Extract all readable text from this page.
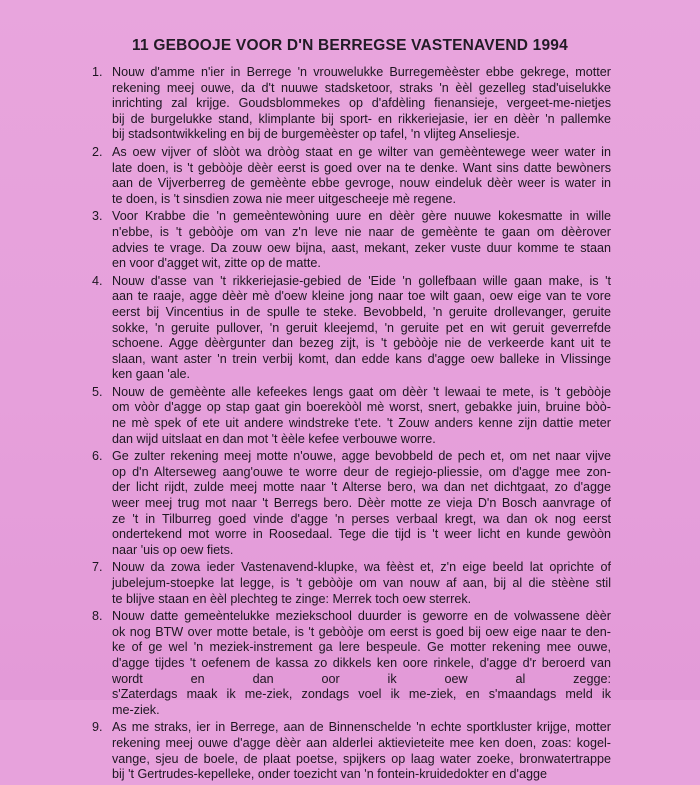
11 GEBOOJE VOOR D'N BERREGSE VASTENAVEND 1994
1. Nouw d'amme n'ier in Berrege 'n vrouwelukke Burregemèèster ebbe gekrege, motter
rekening meej ouwe, da d't nuuwe stadsketoor, straks 'n èèl gezelleg stad'uiselukke
inrichting zal krijge. Goudsblommekes op d'afdèling fienansieje, vergeet-me-nietjes
bij de burgelukke stand, klimplante bij sport- en rikkeriejasie, ier en dèèr 'n pallemke
bij stadsontwikkeling en bij de burgemèèster op tafel, 'n vlijteg Anseliesje.
2. As oew vijver of slòòt wa dròòg staat en ge wilter van gemèèntewege weer water in
late doen, is 't gebòòje dèèr eerst is goed over na te denke. Want sins datte bewòners
aan de Vijverberreg de gemèènte ebbe gevroge, nouw eindeluk dèèr weer is water in
te doen, is 't sinsdien zowa nie meer uitgescheeje mè regene.
3. Voor Krabbe die 'n gemeèntewòning uure en dèèr gère nuuwe kokesmatte in wille
n'ebbe, is 't gebòòje om van z'n leve nie naar de gemèènte te gaan om dèèrover
advies te vrage. Da zouw oew bijna, aast, mekant, zeker vuste duur komme te staan
en voor d'agget wit, zitte op de matte.
4. Nouw d'asse van 't rikkeriejasie-gebied de 'Eide 'n gollefbaan wille gaan make, is 't
aan te raaje, agge dèèr mè d'oew kleine jong naar toe wilt gaan, oew eige van te vore
eerst bij Vincentius in de spulle te steke. Bevobbeld, 'n geruite drollevanger, geruite
sokke, 'n geruite pullover, 'n geruit kleejemd, 'n geruite pet en wit geruit geverrefde
schoene. Agge dèèrgunter dan bezeg zijt, is 't gebòòje nie de verkeerde kant uit te
slaan, want aster 'n trein verbij komt, dan edde kans d'agge oew balleke in Vlissinge
ken gaan 'ale.
5. Nouw de gemèènte alle kefeekes lengs gaat om dèèr 't lewaai te mete, is 't gebòòje
om vòòr d'agge op stap gaat gin boerekòòl mè worst, snert, gebakke juin, bruine bòò-
ne mè spek of ete uit andere windstreke t'ete. 't Zouw anders kenne zijn dattie meter
dan wijd uitslaat en dan mot 't èèle kefee verbouwe worre.
6. Ge zulter rekening meej motte n'ouwe, agge bevobbeld de pech et, om net naar vijve
op d'n Alterseweg aang'ouwe te worre deur de regiejo-pliessie, om d'agge mee zon-
der licht rijdt, zulde meej motte naar 't Alterse bero, wa dan net dichtgaat, zo d'agge
weer meej trug mot naar 't Berregs bero. Dèèr motte ze vieja D'n Bosch aanvrage of
ze 't in Tilburreg goed vinde d'agge 'n perses verbaal kregt, wa dan ok nog eerst
ondertekend mot worre in Roosedaal. Tege die tijd is 't weer licht en kunde gewòòn
naar 'uis op oew fiets.
7. Nouw da zowa ieder Vastenavend-klupke, wa fèèst et, z'n eige beeld lat oprichte of
jubelejum-stoepke lat legge, is 't gebòòje om van nouw af aan, bij al die stèène stil
te blijve staan en èèl plechteg te zinge: Merrek toch oew sterrek.
8. Nouw datte gemeèntelukke meziekschool duurder is geworre en de volwassene dèèr
ok nog BTW over motte betale, is 't gebòòje om eerst is goed bij oew eige naar te den-
ke of ge wel 'n meziek-instrement ga lere bespeule. Ge motter rekening mee ouwe,
d'agge tijdes 't oefenem de kassa zo dikkels ken oore rinkele, d'agge d'r beroerd van
wordt en dan oor ik oew al zegge:
s'Zaterdags maak ik me-ziek, zondags voel ik me-ziek, en s'maandags meld ik
me-ziek.
9. As me straks, ier in Berrege, aan de Binnenschelde 'n echte sportkluster krijge, motter
rekening meej ouwe d'agge dèèr aan alderlei aktievieteite mee ken doen, zoas: kogel-
vange, sjeu de boele, de plaat poetse, spijkers op laag water zoeke, bronwatertrappe
bij 't Gertrudes-kepelleke, onder toezicht van 'n fontein-kruidedokter en d'agge
